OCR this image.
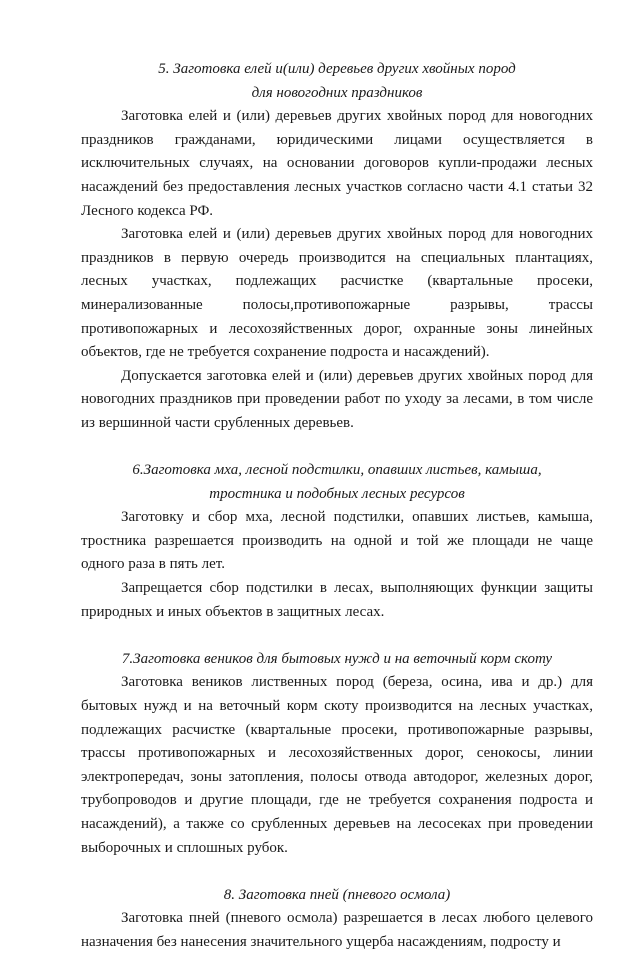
5. Заготовка елей и(или) деревьев других хвойных пород
для новогодних праздников

Заготовка елей и (или) деревьев других хвойных пород для новогодних праздников гражданами, юридическими лицами осуществляется в исключительных случаях, на основании договоров купли-продажи лесных насаждений без предоставления лесных участков согласно части 4.1 статьи 32 Лесного кодекса РФ.

Заготовка елей и (или) деревьев других хвойных пород для новогодних праздников в первую очередь производится на специальных плантациях, лесных участках, подлежащих расчистке (квартальные просеки, минерализованные полосы,противопожарные разрывы, трассы противопожарных и лесохозяйственных дорог, охранные зоны линейных объектов, где не требуется сохранение подроста и насаждений).

Допускается заготовка елей и (или) деревьев других хвойных пород для новогодних праздников при проведении работ по уходу за лесами, в том числе из вершинной части срубленных деревьев.

6.Заготовка мха, лесной подстилки, опавших листьев, камыша,
тростника и подобных лесных ресурсов

Заготовку и сбор мха, лесной подстилки, опавших листьев, камыша, тростника разрешается производить на одной и той же площади не чаще одного раза в пять лет.

Запрещается сбор подстилки в лесах, выполняющих функции защиты природных и иных объектов в защитных лесах.

7.Заготовка веников для бытовых нужд и на веточный корм скоту

Заготовка веников лиственных пород (береза, осина, ива и др.) для бытовых нужд и на веточный корм скоту производится на лесных участках, подлежащих расчистке (квартальные просеки, противопожарные разрывы, трассы противопожарных и лесохозяйственных дорог, сенокосы, линии электропередач, зоны затопления, полосы отвода автодорог, железных дорог, трубопроводов и другие площади, где не требуется сохранения подроста и насаждений), а также со срубленных деревьев на лесосеках при проведении выборочных и сплошных рубок.

8. Заготовка пней (пневого осмола)

Заготовка пней (пневого осмола) разрешается в лесах любого целевого назначения без нанесения значительного ущерба насаждениям, подросту и
